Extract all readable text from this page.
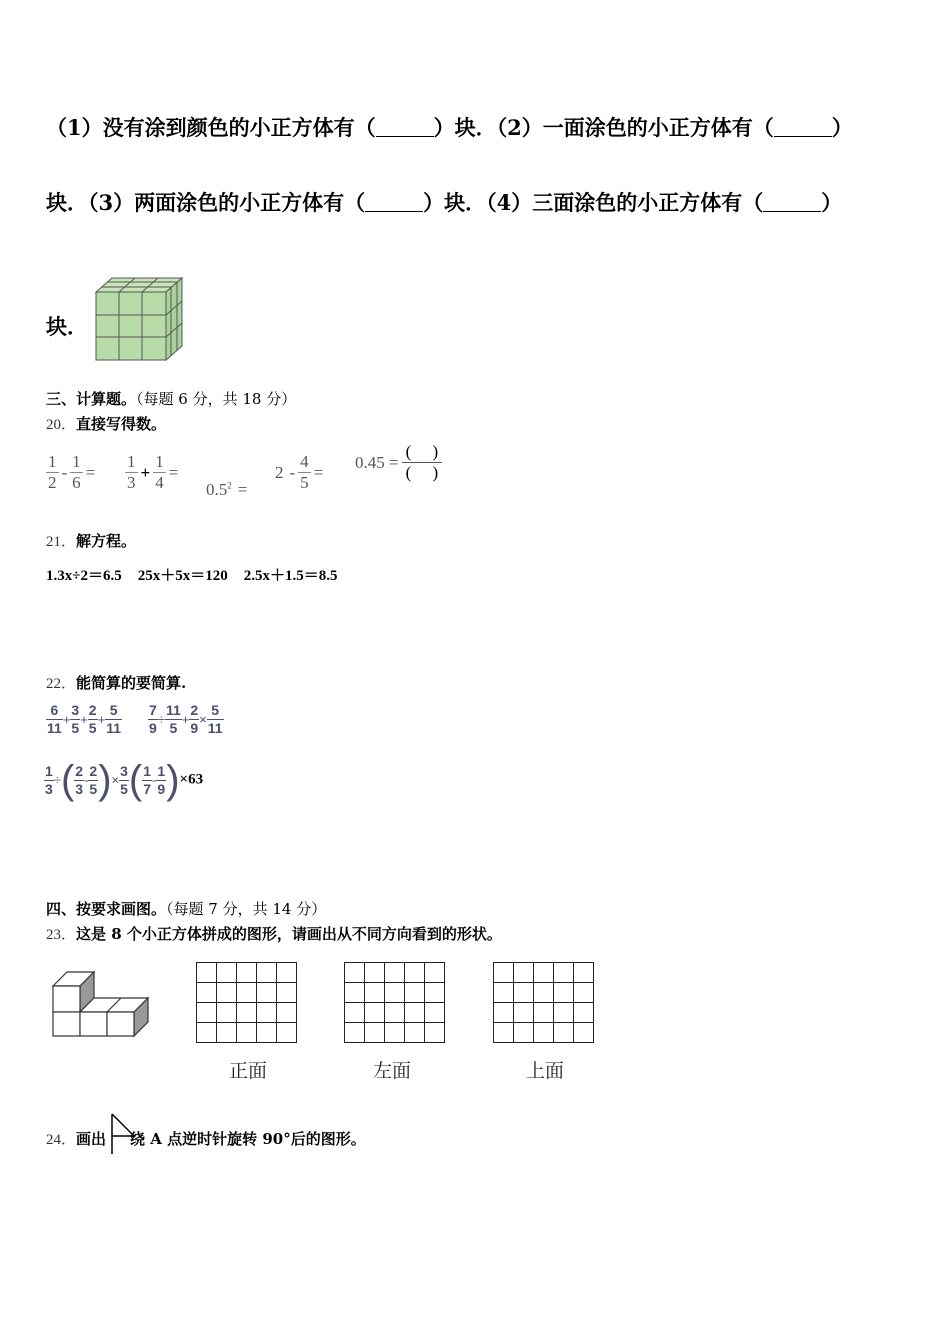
（1）没有涂到颜色的小正方体有（	）块．（2）一面涂色的小正方体有（	）
块．（3）两面涂色的小正方体有（	）块．（4）三面涂色的小正方体有（	）
块．
三、计算题。（每题 6 分，共 18 分）
20．直接写得数。
$\frac{1}{2} - \frac{1}{6} = \frac{1}{3} + \frac{1}{4}$ =
$0.5^2$ =
$2 - \frac{4}{5}$ =
$0.45 = \frac{( )}{( )}$
21．解方程。
1.3x÷2＝6.5 25x＋5x＝120 2.5x＋1.5＝8.5
22．能简算的要简算.
$\frac{6}{11} + \frac{3}{5} + \frac{2}{5} + \frac{5}{11} \frac{7}{9} \div \frac{11}{5} + \frac{2}{9} \times \frac{5}{11}$
$\frac{1}{3}$ ÷( $\frac{2}{3} - \frac{2}{5}$ )× $\frac{3}{5}$ ( $\frac{1}{7} - \frac{1}{9} )\times 63$
四、按要求画图。（每题 7 分，共 14 分）
23．这是 8 个小正方体拼成的图形，请画出从不同方向看到的形状。

正面	左面	上面
24．画出 绕 A 点逆时针旋转 90°后的图形。
